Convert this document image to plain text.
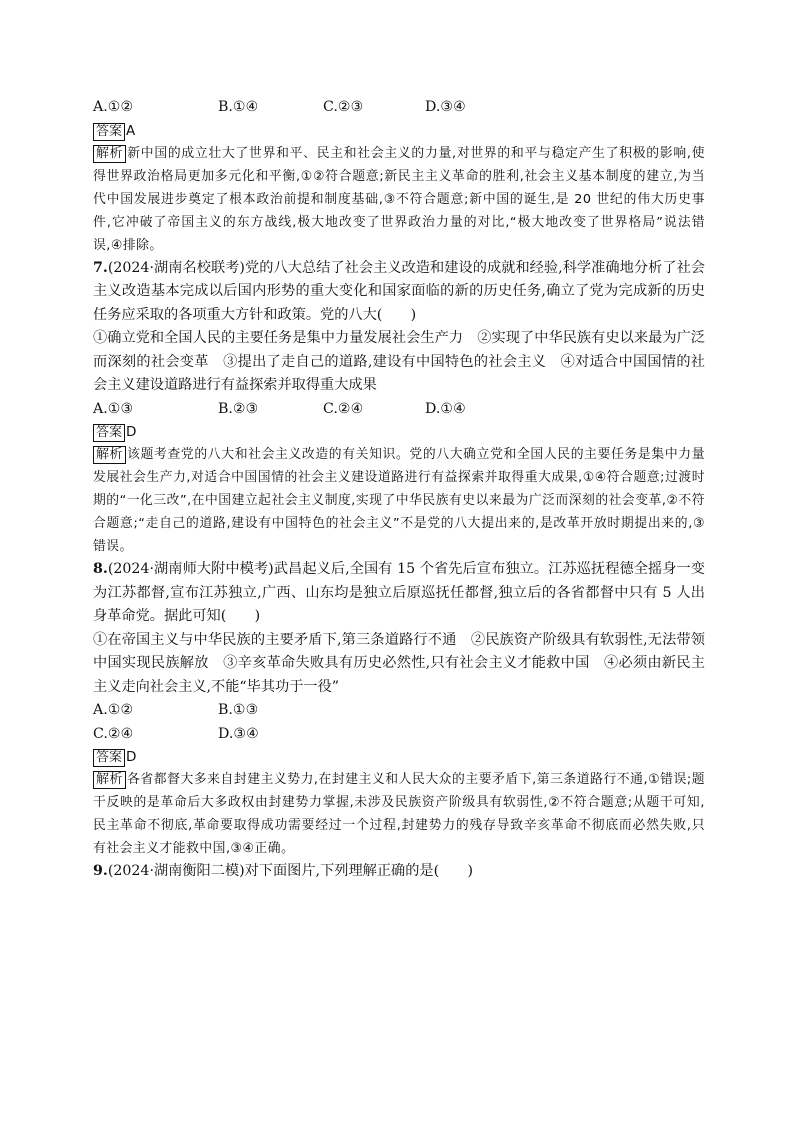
A.①②	B.①④	C.②③	D.③④
答案 A
解析 新中国的成立壮大了世界和平、民主和社会主义的力量,对世界的和平与稳定产生了积极的影响,使得世界政治格局更加多元化和平衡,①②符合题意;新民主主义革命的胜利,社会主义基本制度的建立,为当代中国发展进步奠定了根本政治前提和制度基础,③不符合题意;新中国的诞生,是 20 世纪的伟大历史事件,它冲破了帝国主义的东方战线,极大地改变了世界政治力量的对比,“极大地改变了世界格局”说法错误,④排除。
7.(2024·湖南名校联考)党的八大总结了社会主义改造和建设的成就和经验,科学准确地分析了社会主义改造基本完成以后国内形势的重大变化和国家面临的新的历史任务,确立了党为完成新的历史任务应采取的各项重大方针和政策。党的八大(　　)
①确立党和全国人民的主要任务是集中力量发展社会生产力　②实现了中华民族有史以来最为广泛而深刻的社会变革　③提出了走自己的道路,建设有中国特色的社会主义　④对适合中国国情的社会主义建设道路进行有益探索并取得重大成果
A.①③	B.②③	C.②④	D.①④
答案 D
解析 该题考查党的八大和社会主义改造的有关知识。党的八大确立党和全国人民的主要任务是集中力量发展社会生产力,对适合中国国情的社会主义建设道路进行有益探索并取得重大成果,①④符合题意;过渡时期的“一化三改”,在中国建立起社会主义制度,实现了中华民族有史以来最为广泛而深刻的社会变革,②不符合题意;“走自己的道路,建设有中国特色的社会主义”不是党的八大提出来的,是改革开放时期提出来的,③错误。
8.(2024·湖南师大附中模考)武昌起义后,全国有 15 个省先后宣布独立。江苏巡抚程德全摇身一变为江苏都督,宣布江苏独立,广西、山东均是独立后原巡抚任都督,独立后的各省都督中只有 5 人出身革命党。据此可知(　　)
①在帝国主义与中华民族的主要矛盾下,第三条道路行不通　②民族资产阶级具有软弱性,无法带领中国实现民族解放　③辛亥革命失败具有历史必然性,只有社会主义才能救中国　④必须由新民主主义走向社会主义,不能“毕其功于一役”
A.①②	B.①③
C.②④	D.③④
答案 D
解析 各省都督大多来自封建主义势力,在封建主义和人民大众的主要矛盾下,第三条道路行不通,①错误;题干反映的是革命后大多政权由封建势力掌握,未涉及民族资产阶级具有软弱性,②不符合题意;从题干可知,民主革命不彻底,革命要取得成功需要经过一个过程,封建势力的残存导致辛亥革命不彻底而必然失败,只有社会主义才能救中国,③④正确。
9.(2024·湖南衡阳二模)对下面图片,下列理解正确的是(　　)
